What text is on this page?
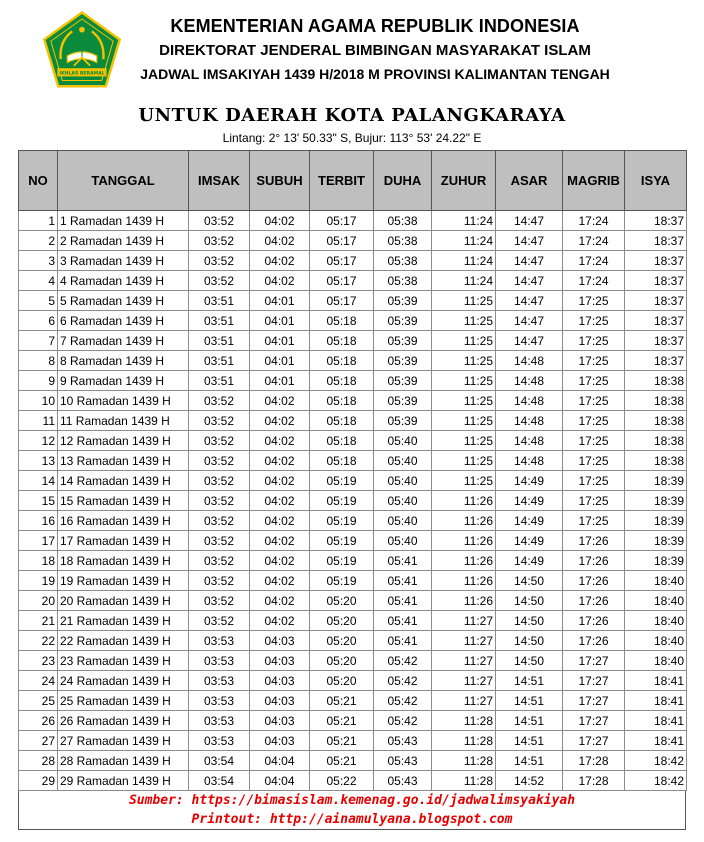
IKHLAS BERAMAL
KEMENTERIAN AGAMA REPUBLIK INDONESIA
DIREKTORAT JENDERAL BIMBINGAN MASYARAKAT ISLAM
JADWAL IMSAKIYAH 1439 H/2018 M PROVINSI KALIMANTAN TENGAH
UNTUK DAERAH KOTA PALANGKARAYA
Lintang: 2° 13' 50.33" S, Bujur: 113° 53' 24.22" E
NO	TANGGAL	IMSAK	SUBUH	TERBIT	DUHA	ZUHUR	ASAR	MAGRIB	ISYA
1	1 Ramadan 1439 H	03:52	04:02	05:17	05:38	11:24	14:47	17:24	18:37
2	2 Ramadan 1439 H	03:52	04:02	05:17	05:38	11:24	14:47	17:24	18:37
3	3 Ramadan 1439 H	03:52	04:02	05:17	05:38	11:24	14:47	17:24	18:37
4	4 Ramadan 1439 H	03:52	04:02	05:17	05:38	11:24	14:47	17:24	18:37
5	5 Ramadan 1439 H	03:51	04:01	05:17	05:39	11:25	14:47	17:25	18:37
6	6 Ramadan 1439 H	03:51	04:01	05:18	05:39	11:25	14:47	17:25	18:37
7	7 Ramadan 1439 H	03:51	04:01	05:18	05:39	11:25	14:47	17:25	18:37
8	8 Ramadan 1439 H	03:51	04:01	05:18	05:39	11:25	14:48	17:25	18:37
9	9 Ramadan 1439 H	03:51	04:01	05:18	05:39	11:25	14:48	17:25	18:38
10	10 Ramadan 1439 H	03:52	04:02	05:18	05:39	11:25	14:48	17:25	18:38
11	11 Ramadan 1439 H	03:52	04:02	05:18	05:39	11:25	14:48	17:25	18:38
12	12 Ramadan 1439 H	03:52	04:02	05:18	05:40	11:25	14:48	17:25	18:38
13	13 Ramadan 1439 H	03:52	04:02	05:18	05:40	11:25	14:48	17:25	18:38
14	14 Ramadan 1439 H	03:52	04:02	05:19	05:40	11:25	14:49	17:25	18:39
15	15 Ramadan 1439 H	03:52	04:02	05:19	05:40	11:26	14:49	17:25	18:39
16	16 Ramadan 1439 H	03:52	04:02	05:19	05:40	11:26	14:49	17:25	18:39
17	17 Ramadan 1439 H	03:52	04:02	05:19	05:40	11:26	14:49	17:26	18:39
18	18 Ramadan 1439 H	03:52	04:02	05:19	05:41	11:26	14:49	17:26	18:39
19	19 Ramadan 1439 H	03:52	04:02	05:19	05:41	11:26	14:50	17:26	18:40
20	20 Ramadan 1439 H	03:52	04:02	05:20	05:41	11:26	14:50	17:26	18:40
21	21 Ramadan 1439 H	03:52	04:02	05:20	05:41	11:27	14:50	17:26	18:40
22	22 Ramadan 1439 H	03:53	04:03	05:20	05:41	11:27	14:50	17:26	18:40
23	23 Ramadan 1439 H	03:53	04:03	05:20	05:42	11:27	14:50	17:27	18:40
24	24 Ramadan 1439 H	03:53	04:03	05:20	05:42	11:27	14:51	17:27	18:41
25	25 Ramadan 1439 H	03:53	04:03	05:21	05:42	11:27	14:51	17:27	18:41
26	26 Ramadan 1439 H	03:53	04:03	05:21	05:42	11:28	14:51	17:27	18:41
27	27 Ramadan 1439 H	03:53	04:03	05:21	05:43	11:28	14:51	17:27	18:41
28	28 Ramadan 1439 H	03:54	04:04	05:21	05:43	11:28	14:51	17:28	18:42
29	29 Ramadan 1439 H	03:54	04:04	05:22	05:43	11:28	14:52	17:28	18:42
Sumber: https://bimasislam.kemenag.go.id/jadwalimsyakiyah
Printout: http://ainamulyana.blogspot.com
